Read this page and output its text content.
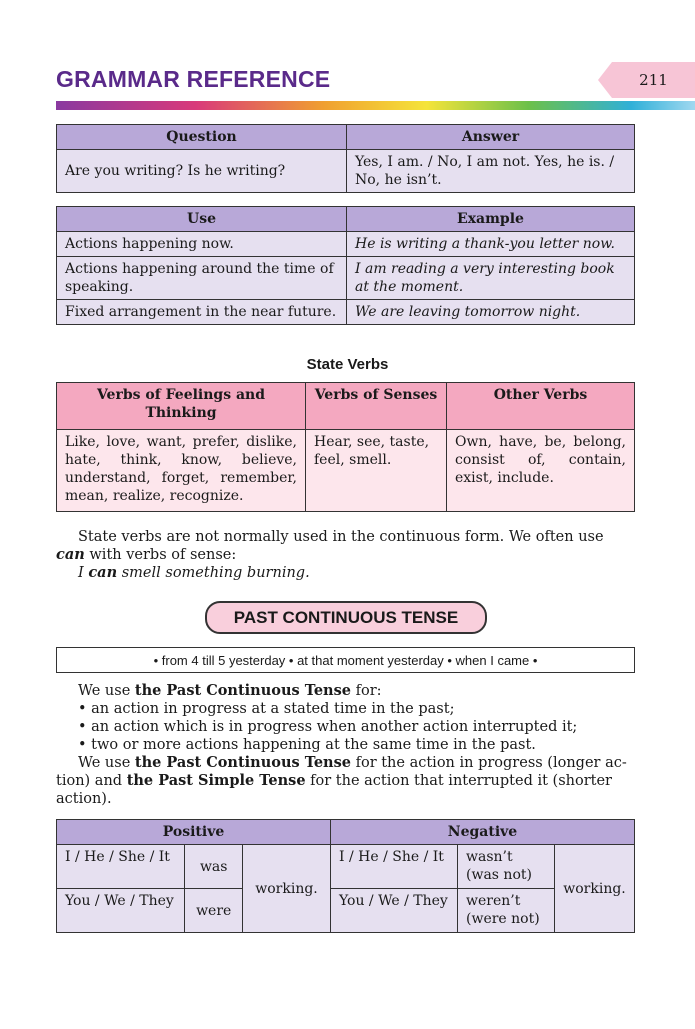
GRAMMAR REFERENCE	211
Question	Answer
Are you writing? Is he writing?	Yes, I am. / No, I am not. Yes, he is. / No, he isn’t.
Use	Example
Actions happening now.	He is writing a thank-you letter now.
Actions happening around the time of speaking.	I am reading a very interesting book at the moment.
Fixed arrangement in the near future.	We are leaving tomorrow night.
State Verbs
Verbs of Feelings and Thinking	Verbs of Senses	Other Verbs
Like, love, want, prefer, dislike, hate, think, know, believe, understand, forget, remember, mean, realize, recognize.	Hear, see, taste, feel, smell.	Own, have, be, belong, consist of, contain, exist, include.
State verbs are not normally used in the continuous form. We often use
can with verbs of sense:
I can smell something burning.
PAST CONTINUOUS TENSE
• from 4 till 5 yesterday • at that moment yesterday • when I came •
We use the Past Continuous Tense for:
• an action in progress at a stated time in the past;
• an action which is in progress when another action interrupted it;
• two or more actions happening at the same time in the past.
We use the Past Continuous Tense for the action in progress (longer ac-
tion) and the Past Simple Tense for the action that interrupted it (shorter
action).
Positive			Negative		
I / He / She / It	was	working.	I / He / She / It	wasn’t (was not)	working.
You / We / They	were		You / We / They	weren’t (were not)	
